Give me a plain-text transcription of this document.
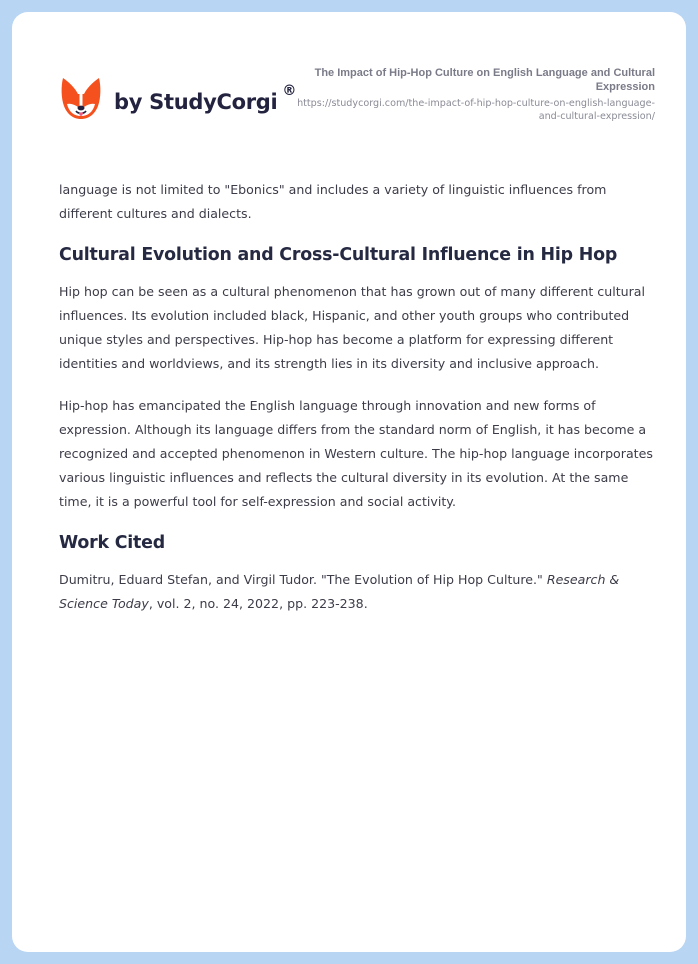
by StudyCorgi ®
The Impact of Hip-Hop Culture on English Language and Cultural Expression
https://studycorgi.com/the-impact-of-hip-hop-culture-on-english-language-and-cultural-expression/

language is not limited to "Ebonics" and includes a variety of linguistic influences from different cultures and dialects.

Cultural Evolution and Cross-Cultural Influence in Hip Hop

Hip hop can be seen as a cultural phenomenon that has grown out of many different cultural influences. Its evolution included black, Hispanic, and other youth groups who contributed unique styles and perspectives. Hip-hop has become a platform for expressing different identities and worldviews, and its strength lies in its diversity and inclusive approach.

Hip-hop has emancipated the English language through innovation and new forms of expression. Although its language differs from the standard norm of English, it has become a recognized and accepted phenomenon in Western culture. The hip-hop language incorporates various linguistic influences and reflects the cultural diversity in its evolution. At the same time, it is a powerful tool for self-expression and social activity.

Work Cited

Dumitru, Eduard Stefan, and Virgil Tudor. "The Evolution of Hip Hop Culture." Research & Science Today, vol. 2, no. 24, 2022, pp. 223-238.
